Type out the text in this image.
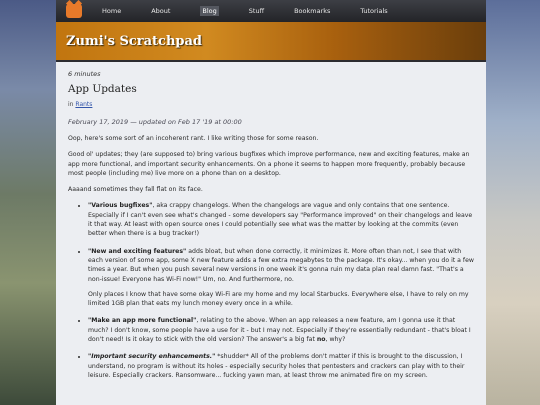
Home	About	Blog	Stuff	Bookmarks	Tutorials
Zumi's Scratchpad
6 minutes
App Updates
in Rants
February 17, 2019 — updated on Feb 17 '19 at 00:00

Oop, here's some sort of an incoherent rant. I like writing those for some reason.

Good ol' updates; they (are supposed to) bring various bugfixes which improve performance, new and exciting features, make an app more functional, and important security enhancements. On a phone it seems to happen more frequently, probably because most people (including me) live more on a phone than on a desktop.

Aaaand sometimes they fall flat on its face.

• "Various bugfixes", aka crappy changelogs. When the changelogs are vague and only contains that one sentence. Especially if I can't even see what's changed - some developers say "Performance improved" on their changelogs and leave it that way. At least with open source ones I could potentially see what was the matter by looking at the commits (even better when there is a bug tracker!)
• "New and exciting features" adds bloat, but when done correctly, it minimizes it. More often than not, I see that with each version of some app, some X new feature adds a few extra megabytes to the package. It's okay... when you do it a few times a year. But when you push several new versions in one week it's gonna ruin my data plan real damn fast. "That's a non-issue! Everyone has Wi-Fi now!" Um, no. And furthermore, no.

Only places I know that have some okay Wi-Fi are my home and my local Starbucks. Everywhere else, I have to rely on my limited 1GB plan that eats my lunch money every once in a while.

• "Make an app more functional", relating to the above. When an app releases a new feature, am I gonna use it that much? I don't know, some people have a use for it - but I may not. Especially if they're essentially redundant - that's bloat I don't need! Is it okay to stick with the old version? The answer's a big fat no, why?
• "Important security enhancements." *shudder* All of the problems don't matter if this is brought to the discussion, I understand, no program is without its holes - especially security holes that pentesters and crackers can play with to their leisure. Especially crackers. Ransomware... fucking yawn man, at least throw me animated fire on my screen.
